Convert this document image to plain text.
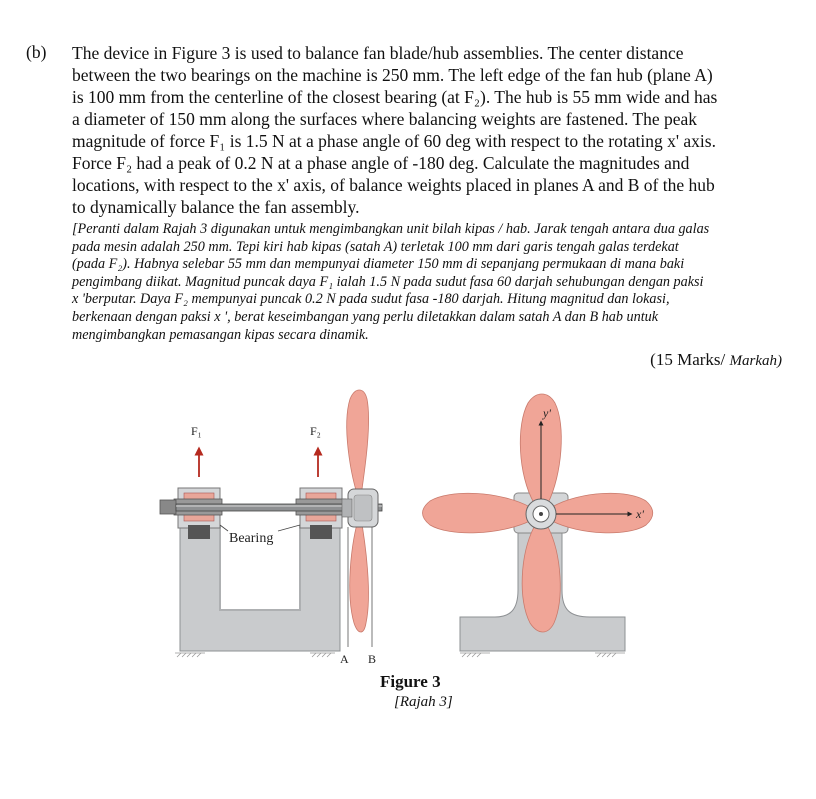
(b) The device in Figure 3 is used to balance fan blade/hub assemblies. The center distance
between the two bearings on the machine is 250 mm. The left edge of the fan hub (plane A)
is 100 mm from the centerline of the closest bearing (at F₂). The hub is 55 mm wide and has
a diameter of 150 mm along the surfaces where balancing weights are fastened. The peak
magnitude of force F₁ is 1.5 N at a phase angle of 60 deg with respect to the rotating x' axis.
Force F₂ had a peak of 0.2 N at a phase angle of -180 deg. Calculate the magnitudes and
locations, with respect to the x' axis, of balance weights placed in planes A and B of the hub
to dynamically balance the fan assembly.
[Peranti dalam Rajah 3 digunakan untuk mengimbangkan unit bilah kipas / hab. Jarak tengah antara dua galas
pada mesin adalah 250 mm. Tepi kiri hab kipas (satah A) terletak 100 mm dari garis tengah galas terdekat
(pada F₂). Habnya selebar 55 mm dan mempunyai diameter 150 mm di sepanjang permukaan di mana baki
pengimbang diikat. Magnitud puncak daya F₁ ialah 1.5 N pada sudut fasa 60 darjah sehubungan dengan paksi
x 'berputar. Daya F₂ mempunyai puncak 0.2 N pada sudut fasa -180 darjah. Hitung magnitud dan lokasi,
berkenaan dengan paksi x ', berat keseimbangan yang perlu diletakkan dalam satah A dan B hab untuk
mengimbangkan pemasangan kipas secara dinamik.
(15 Marks/ Markah)
A B
F₁	F₂
Bearing
y'
x'
Figure 3
[Rajah 3]
